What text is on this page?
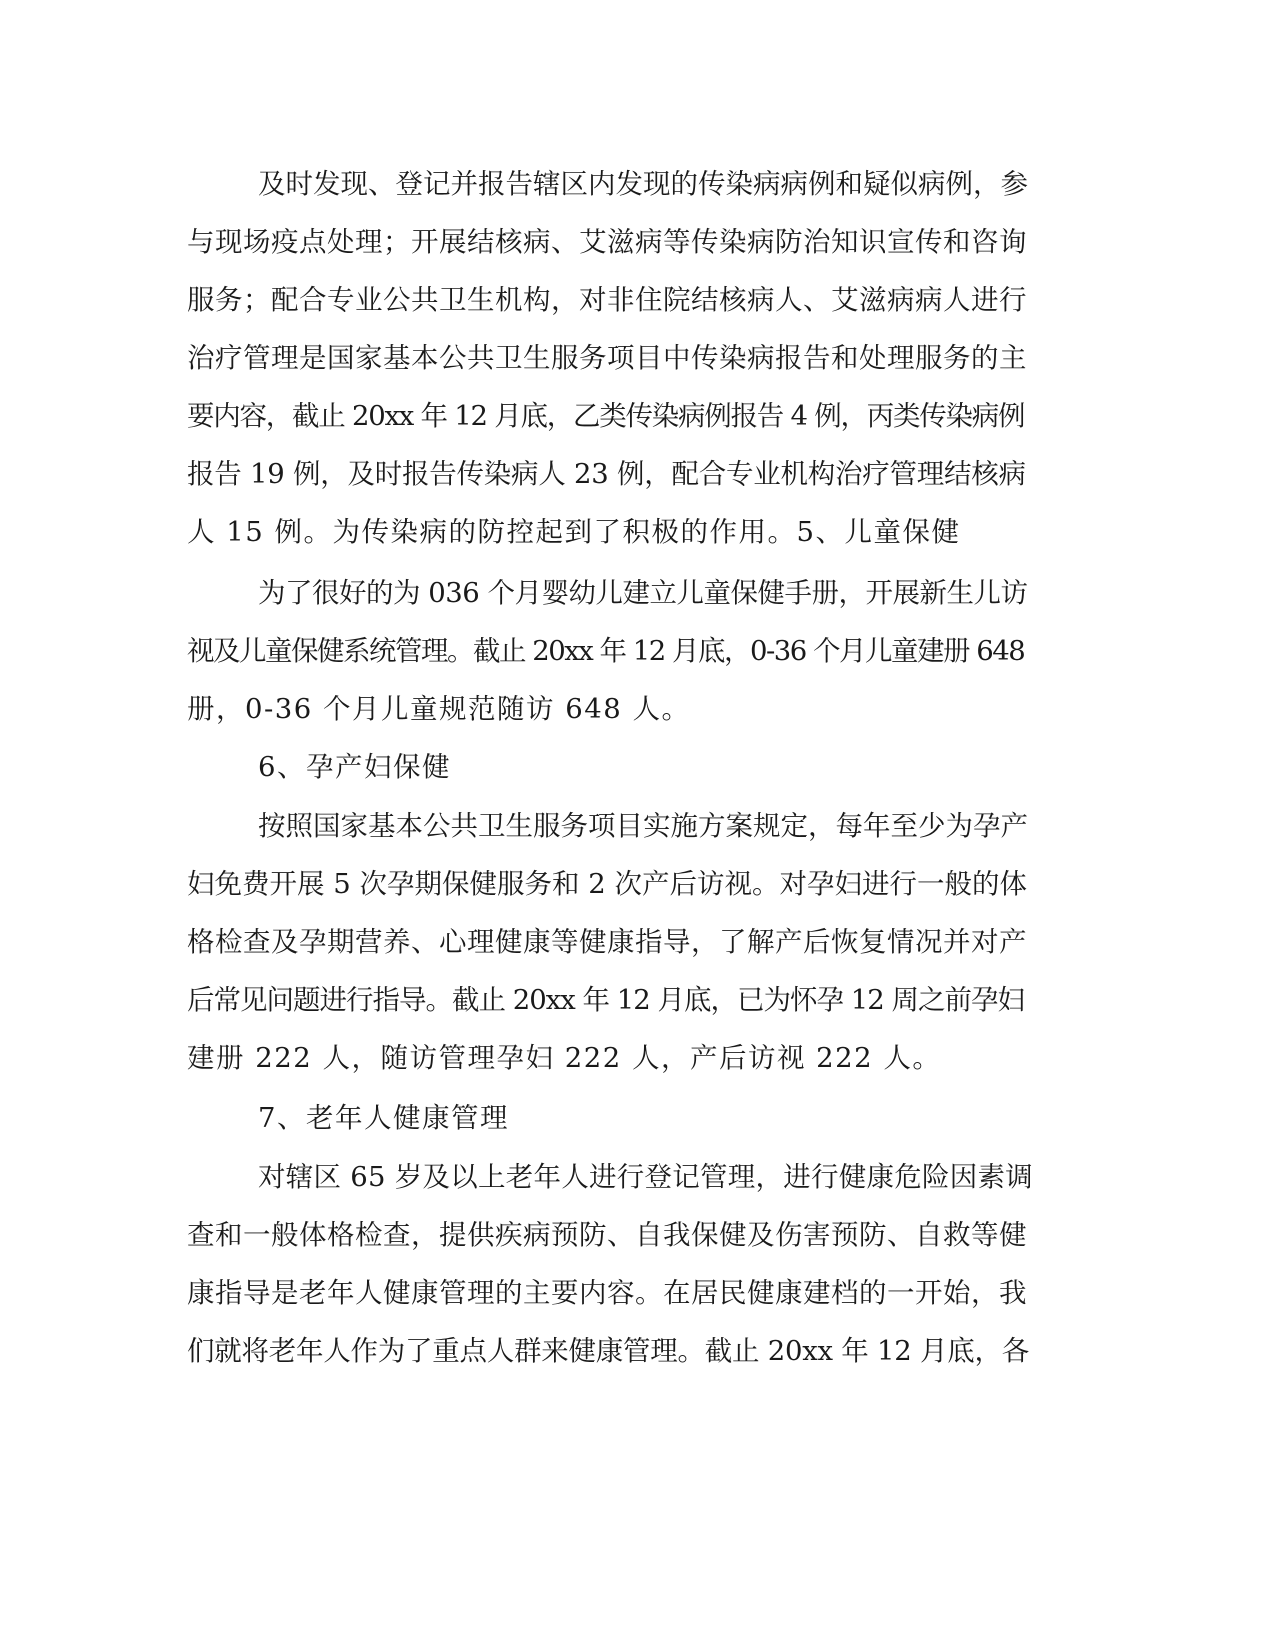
及时发现、登记并报告辖区内发现的传染病病例和疑似病例，参

与现场疫点处理；开展结核病、艾滋病等传染病防治知识宣传和咨询

服务；配合专业公共卫生机构，对非住院结核病人、艾滋病病人进行

治疗管理是国家基本公共卫生服务项目中传染病报告和处理服务的主

要内容，截止 20xx 年 12 月底，乙类传染病例报告 4 例，丙类传染病例

报告 19 例，及时报告传染病人 23 例，配合专业机构治疗管理结核病

人 15 例。为传染病的防控起到了积极的作用。5、儿童保健

为了很好的为 036 个月婴幼儿建立儿童保健手册，开展新生儿访

视及儿童保健系统管理。截止 20xx 年 12 月底，0-36 个月儿童建册 648

册，0-36 个月儿童规范随访 648 人。

6、孕产妇保健

按照国家基本公共卫生服务项目实施方案规定，每年至少为孕产

妇免费开展 5 次孕期保健服务和 2 次产后访视。对孕妇进行一般的体

格检查及孕期营养、心理健康等健康指导，了解产后恢复情况并对产

后常见问题进行指导。截止 20xx 年 12 月底，已为怀孕 12 周之前孕妇

建册 222 人，随访管理孕妇 222 人，产后访视 222 人。

7、老年人健康管理

对辖区 65 岁及以上老年人进行登记管理，进行健康危险因素调

查和一般体格检查，提供疾病预防、自我保健及伤害预防、自救等健

康指导是老年人健康管理的主要内容。在居民健康建档的一开始，我

们就将老年人作为了重点人群来健康管理。截止 20xx 年 12 月底，各
